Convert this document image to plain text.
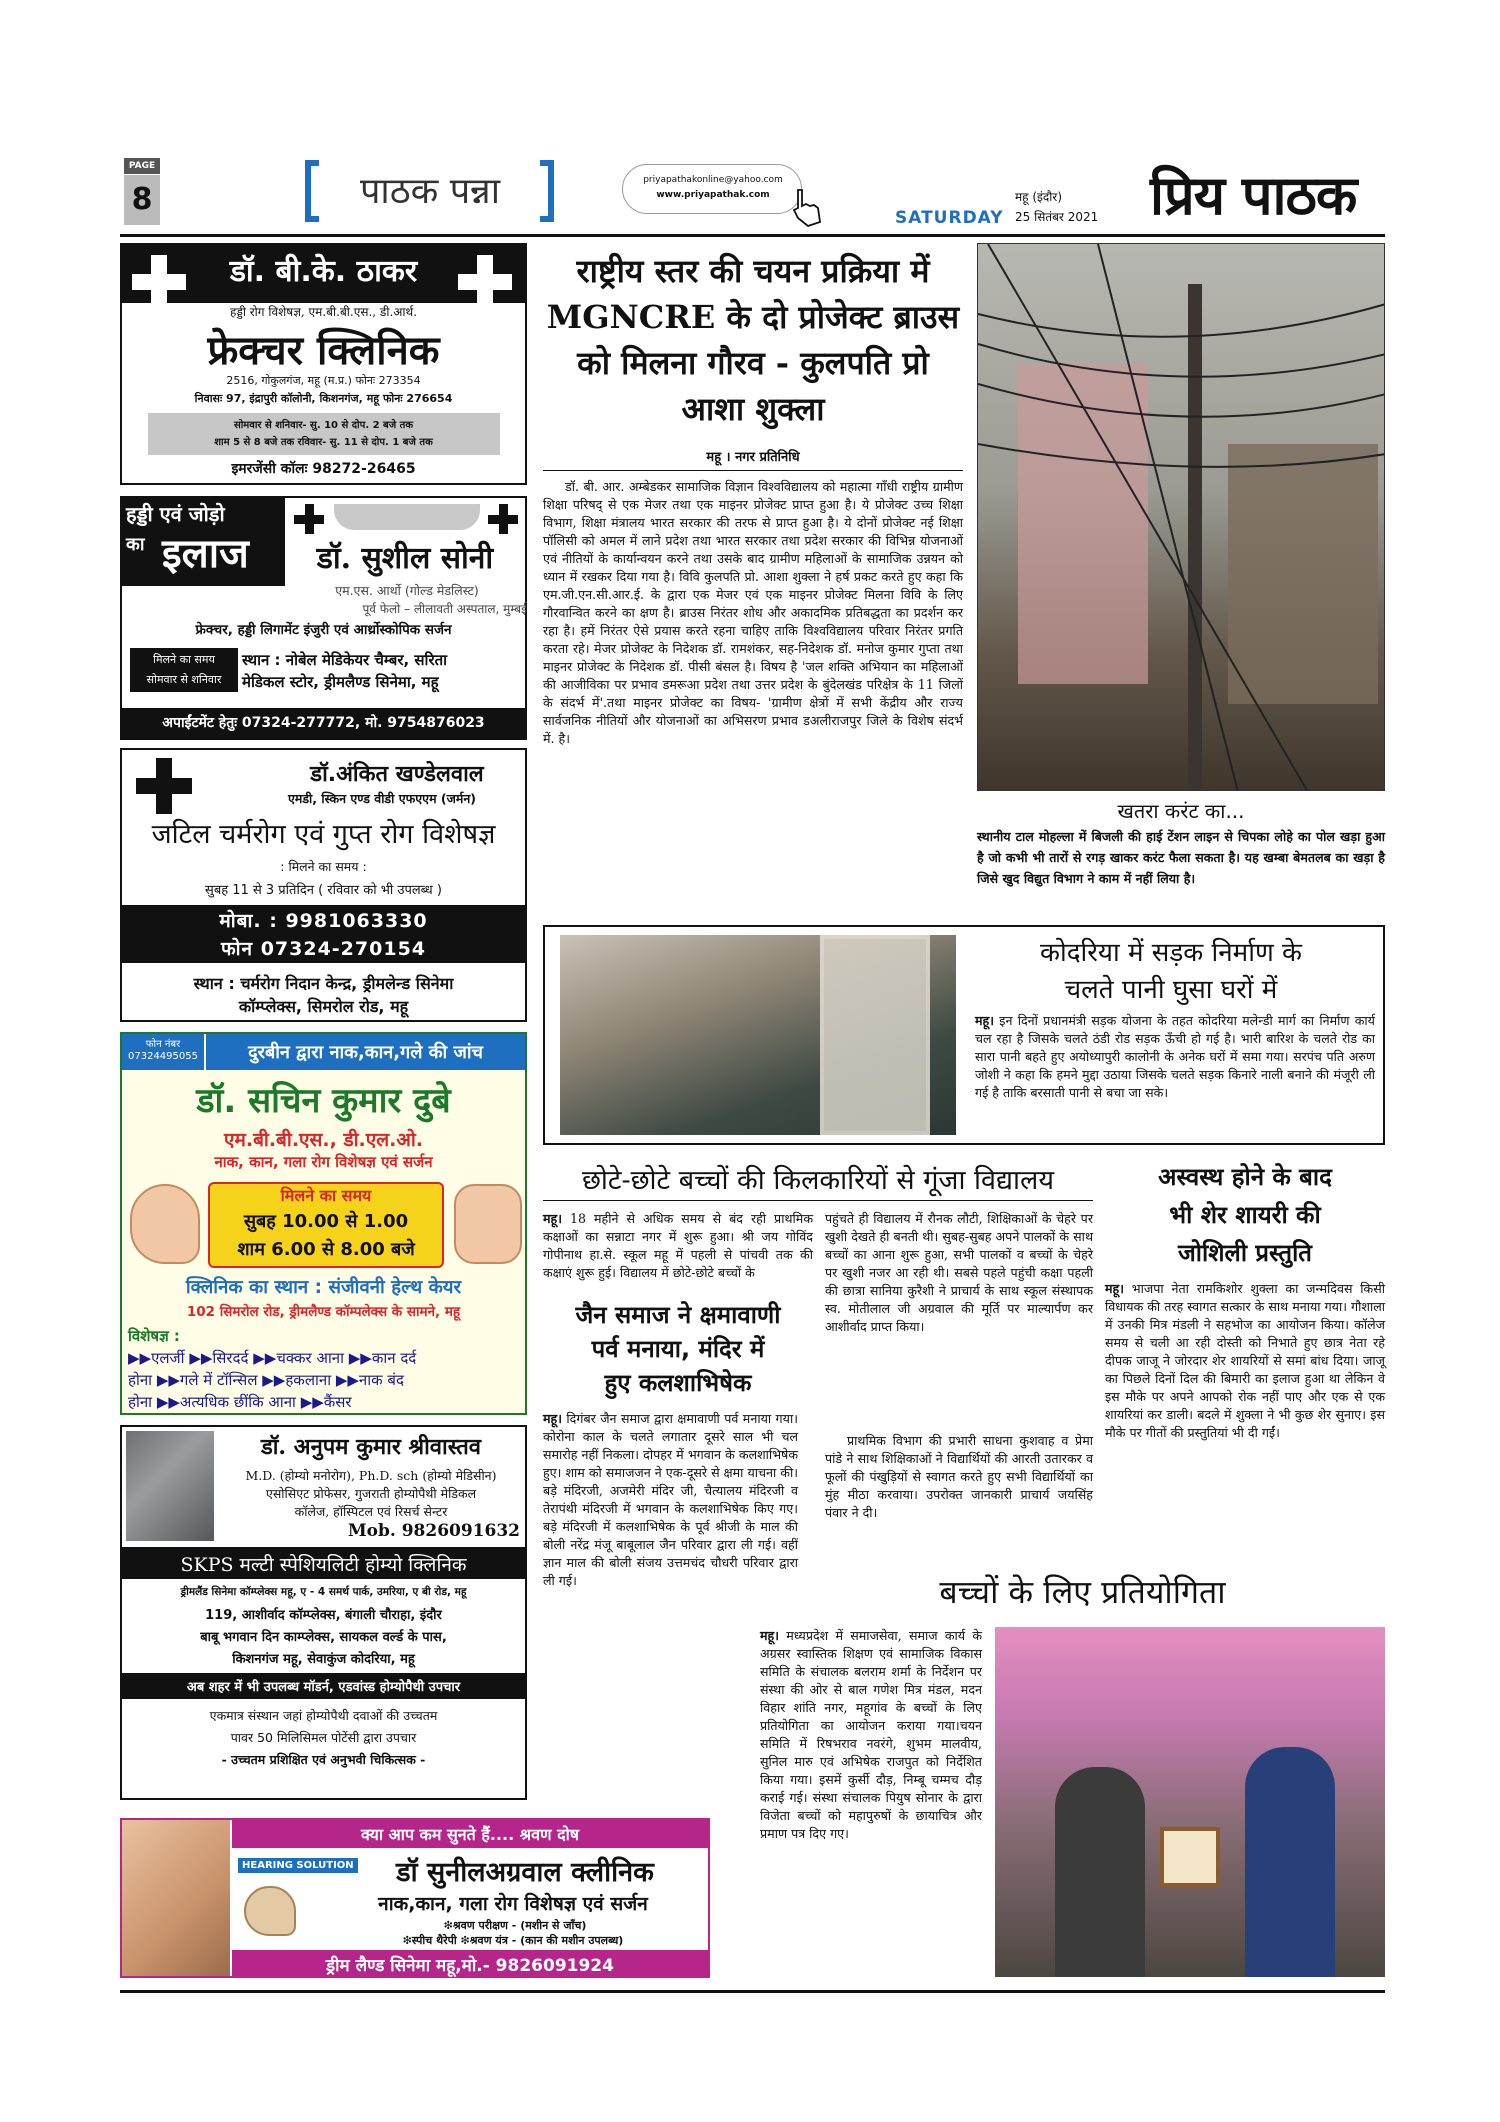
PAGE
8	पाठक पन्ना	priyapathakonline@yahoo.com
www.priyapathak.com
SATURDAY
महू (इंदौर)
25 सितंबर 2021 प्रिय पाठक
डॉ. बी.के. ठाकर
हड्डी रोग विशेषज्ञ, एम.बी.बी.एस., डी.आर्थ.
फ्रेक्चर क्लिनिक
2516, गोकुलगंज, महू (म.प्र.) फोनः 273354
निवासः 97, इंद्रापुरी कॉलोनी, किशनगंज, महू फोनः 276654
सोमवार से शनिवार- सु. 10 से दोप. 2 बजे तक
शाम 5 से 8 बजे तक रविवार- सु. 11 से दोप. 1 बजे तक
इमरजेंसी कॉलः 98272-26465
हड्डी एवं जोड़ो
का इलाज	डॉ. सुशील सोनी
एम.एस. आर्थो (गोल्ड मेडलिस्ट)
पूर्व फेलो – लीलावती अस्पताल, मुम्बई
फ्रेक्चर, हड्डी लिगामेंट इंजुरी एवं आर्थ्रोस्कोपिक सर्जन
मिलने का समय
सोमवार से शनिवार
स्थान : नोबेल मेडिकेयर चैम्बर, सरिता
मेडिकल स्टोर, ड्रीमलैण्ड सिनेमा, महू
अपाईंटमेंट हेतुः 07324-277772, मो. 9754876023
डॉ.अंकित खण्डेलवाल
एमडी, स्किन एण्ड वीडी एफएएम (जर्मन)
जटिल चर्मरोग एवं गुप्त रोग विशेषज्ञ
: मिलने का समय :
सुबह 11 से 3 प्रतिदिन ( रविवार को भी उपलब्ध )
मोबा. : 9981063330
फोन 07324-270154
स्थान : चर्मरोग निदान केन्द्र, ड्रीमलेन्ड सिनेमा
कॉम्प्लेक्स, सिमरोल रोड, महू
फोन नंबर
07324495055	दुरबीन द्वारा नाक,कान,गले की जांच
डॉ. सचिन कुमार दुबे
एम.बी.बी.एस., डी.एल.ओ.
नाक, कान, गला रोग विशेषज्ञ एवं सर्जन
मिलने का समय
सुबह 10.00 से 1.00
शाम 6.00 से 8.00 बजे
क्लिनिक का स्थान : संजीवनी हेल्थ केयर
102 सिमरोल रोड, ड्रीमलैण्ड कॉम्पलेक्स के सामने, महू
विशेषज्ञ :
▶▶एलर्जी ▶▶सिरदर्द ▶▶चक्कर आना ▶▶कान दर्द
होना ▶▶गले में टॉन्सिल ▶▶हकलाना ▶▶नाक बंद
होना ▶▶अत्यधिक छींकि आना ▶▶कैंसर
डॉ. अनुपम कुमार श्रीवास्तव
M.D. (होम्यो मनोरोग), Ph.D. sch (होम्यो मेडिसीन)
एसोसिएट प्रोफेसर, गुजराती होम्योपैथी मेडिकल
कॉलेज, हॉस्पिटल एवं रिसर्च सेन्टर
Mob. 9826091632
SKPS मल्टी स्पेशियलिटी होम्यो क्लिनिक
ड्रीमलैंड सिनेमा कॉम्प्लेक्स महू, ए - 4 समर्थ पार्क, उमरिया, ए बी रोड, महू
119, आशीर्वाद कॉम्प्लेक्स, बंगाली चौराहा, इंदौर
बाबू भगवान दिन काम्प्लेक्स, सायकल वर्ल्ड के पास,
किशनगंज महू, सेवाकुंज कोदरिया, महू
अब शहर में भी उपलब्ध मॉडर्न, एडवांस्ड होम्योपैथी उपचार
एकमात्र संस्थान जहां होम्योपैथी दवाओं की उच्चतम
पावर 50 मिलिसिमल पोटेंसी द्वारा उपचार
- उच्चतम प्रशिक्षित एवं अनुभवी चिकित्सक -
क्या आप कम सुनते हैं.... श्रवण दोष
HEARING SOLUTION	डॉ सुनीलअग्रवाल क्लीनिक
नाक,कान, गला रोग विशेषज्ञ एवं सर्जन
❇श्रवण परीक्षण - (मशीन से जाँच)
❇स्पीच थैरेपी ❇श्रवण यंत्र - (कान की मशीन उपलब्ध)
ड्रीम लैण्ड सिनेमा महू,मो.- 9826091924
राष्ट्रीय स्तर की चयन प्रक्रिया में MGNCRE के दो प्रोजेक्ट ब्राउस को मिलना गौरव - कुलपति प्रो आशा शुक्ला
महू । नगर प्रतिनिधि
डॉ. बी. आर. अम्बेडकर सामाजिक विज्ञान विश्वविद्यालय को महात्मा गाँधी राष्ट्रीय ग्रामीण शिक्षा परिषद् से एक मेजर तथा एक माइनर प्रोजेक्ट प्राप्त हुआ है। ये प्रोजेक्ट उच्च शिक्षा विभाग, शिक्षा मंत्रालय भारत सरकार की तरफ से प्राप्त हुआ है। ये दोनों प्रोजेक्ट नई शिक्षा पॉलिसी को अमल में लाने प्रदेश तथा भारत सरकार तथा प्रदेश सरकार की विभिन्न योजनाओं एवं नीतियों के कार्यान्वयन करने तथा उसके बाद ग्रामीण महिलाओं के सामाजिक उन्नयन को ध्यान में रखकर दिया गया है। विवि कुलपति प्रो. आशा शुक्ला ने हर्ष प्रकट करते हुए कहा कि एम.जी.एन.सी.आर.ई. के द्वारा एक मेजर एवं एक माइनर प्रोजेक्ट मिलना विवि के लिए गौरवान्वित करने का क्षण है। ब्राउस निरंतर शोध और अकादमिक प्रतिबद्धता का प्रदर्शन कर रहा है। हमें निरंतर ऐसे प्रयास करते रहना चाहिए ताकि विश्वविद्यालय परिवार निरंतर प्रगति करता रहे। मेजर प्रोजेक्ट के निदेशक डॉ. रामशंकर, सह-निदेशक डॉ. मनोज कुमार गुप्ता तथा माइनर प्रोजेक्ट के निदेशक डॉ. पीसी बंसल है। विषय है 'जल शक्ति अभियान का महिलाओं की आजीविका पर प्रभाव डमरूआ प्रदेश तथा उत्तर प्रदेश के बुंदेलखंड परिक्षेत्र के 11 जिलों के संदर्भ में'.तथा माइनर प्रोजेक्ट का विषय- 'ग्रामीण क्षेत्रों में सभी केंद्रीय और राज्य सार्वजनिक नीतियों और योजनाओं का अभिसरण प्रभाव डअलीराजपुर जिले के विशेष संदर्भ में. है।
खतरा करंट का...
स्थानीय टाल मोहल्ला में बिजली की हाई टेंशन लाइन से चिपका लोहे का पोल खड़ा हुआ है जो कभी भी तारों से रगड़ खाकर करंट फैला सकता है। यह खम्बा बेमतलब का खड़ा है जिसे खुद विद्युत विभाग ने काम में नहीं लिया है।
कोदरिया में सड़क निर्माण के
चलते पानी घुसा घरों में
महू। इन दिनों प्रधानमंत्री सड़क योजना के तहत कोदरिया मलेन्डी मार्ग का निर्माण कार्य चल रहा है जिसके चलते ठंडी रोड सड़क ऊँची हो गई है। भारी बारिश के चलते रोड का सारा पानी बहते हुए अयोध्यापुरी कालोनी के अनेक घरों में समा गया। सरपंच पति अरुण जोशी ने कहा कि हमने मुद्दा उठाया जिसके चलते सड़क किनारे नाली बनाने की मंजूरी ली गई है ताकि बरसाती पानी से बचा जा सके।
छोटे-छोटे बच्चों की किलकारियों से गूंजा विद्यालय
महू। 18 महीने से अधिक समय से बंद रही प्राथमिक कक्षाओं का सन्नाटा नगर में शुरू हुआ। श्री जय गोविंद गोपीनाथ हा.से. स्कूल महू में पहली से पांचवी तक की कक्षाएं शुरू हुई। विद्यालय में छोटे-छोटे बच्चों के
पहुंचते ही विद्यालय में रौनक लौटी, शिक्षिकाओं के चेहरे पर खुशी देखते ही बनती थी। सुबह-सुबह अपने पालकों के साथ बच्चों का आना शुरू हुआ, सभी पालकों व बच्चों के चेहरे पर खुशी नजर आ रही थी। सबसे पहले पहुंची कक्षा पहली की छात्रा सानिया कुरैशी ने प्राचार्य के साथ स्कूल संस्थापक स्व. मोतीलाल जी अग्रवाल की मूर्ति पर माल्यार्पण कर आशीर्वाद प्राप्त किया।
प्राथमिक विभाग की प्रभारी साधना कुशवाह व प्रेमा पांडे ने साथ शिक्षिकाओं ने विद्यार्थियों की आरती उतारकर व फूलों की पंखुड़ियों से स्वागत करते हुए सभी विद्यार्थियों का मुंह मीठा करवाया। उपरोक्त जानकारी प्राचार्य जयसिंह पंवार ने दी।
जैन समाज ने क्षमावाणी
पर्व मनाया, मंदिर में
हुए कलशाभिषेक
महू। दिगंबर जैन समाज द्वारा क्षमावाणी पर्व मनाया गया। कोरोना काल के चलते लगातार दूसरे साल भी चल समारोह नहीं निकला। दोपहर में भगवान के कलशाभिषेक हुए। शाम को समाजजन ने एक-दूसरे से क्षमा याचना की। बड़े मंदिरजी, अजमेरी मंदिर जी, चैत्यालय मंदिरजी व तेरापंथी मंदिरजी में भगवान के कलशाभिषेक किए गए। बड़े मंदिरजी में कलशाभिषेक के पूर्व श्रीजी के माल की बोली नरेंद्र मंजू बाबूलाल जैन परिवार द्वारा ली गई। वहीं ज्ञान माल की बोली संजय उत्तमचंद चौधरी परिवार द्वारा ली गई।
अस्वस्थ होने के बाद
भी शेर शायरी की
जोशिली प्रस्तुति
महू। भाजपा नेता रामकिशोर शुक्ला का जन्मदिवस किसी विधायक की तरह स्वागत सत्कार के साथ मनाया गया। गौशाला में उनकी मित्र मंडली ने सहभोज का आयोजन किया। कॉलेज समय से चली आ रही दोस्ती को निभाते हुए छात्र नेता रहे दीपक जाजू ने जोरदार शेर शायरियों से समां बांध दिया। जाजू का पिछले दिनों दिल की बिमारी का इलाज हुआ था लेकिन वे इस मौके पर अपने आपको रोक नहीं पाए और एक से एक शायरियां कर डाली। बदले में शुक्ला ने भी कुछ शेर सुनाए। इस मौके पर गीतों की प्रस्तुतियां भी दी गईं।
बच्चों के लिए प्रतियोगिता
महू। मध्यप्रदेश में समाजसेवा, समाज कार्य के अग्रसर स्वास्तिक शिक्षण एवं सामाजिक विकास समिति के संचालक बलराम शर्मा के निर्देशन पर संस्था की ओर से बाल गणेश मित्र मंडल, मदन विहार शांति नगर, महूगांव के बच्चों के लिए प्रतियोगिता का आयोजन कराया गया।चयन समिति में रिषभराव नवरंगे, शुभम मालवीय, सुनिल मारु एवं अभिषेक राजपुत को निर्देशित किया गया। इसमें कुर्सी दौड़, निम्बू चम्मच दौड़ कराई गई। संस्था संचालक पियुष सोनार के द्वारा विजेता बच्चों को महापुरुषों के छायाचित्र और प्रमाण पत्र दिए गए।
